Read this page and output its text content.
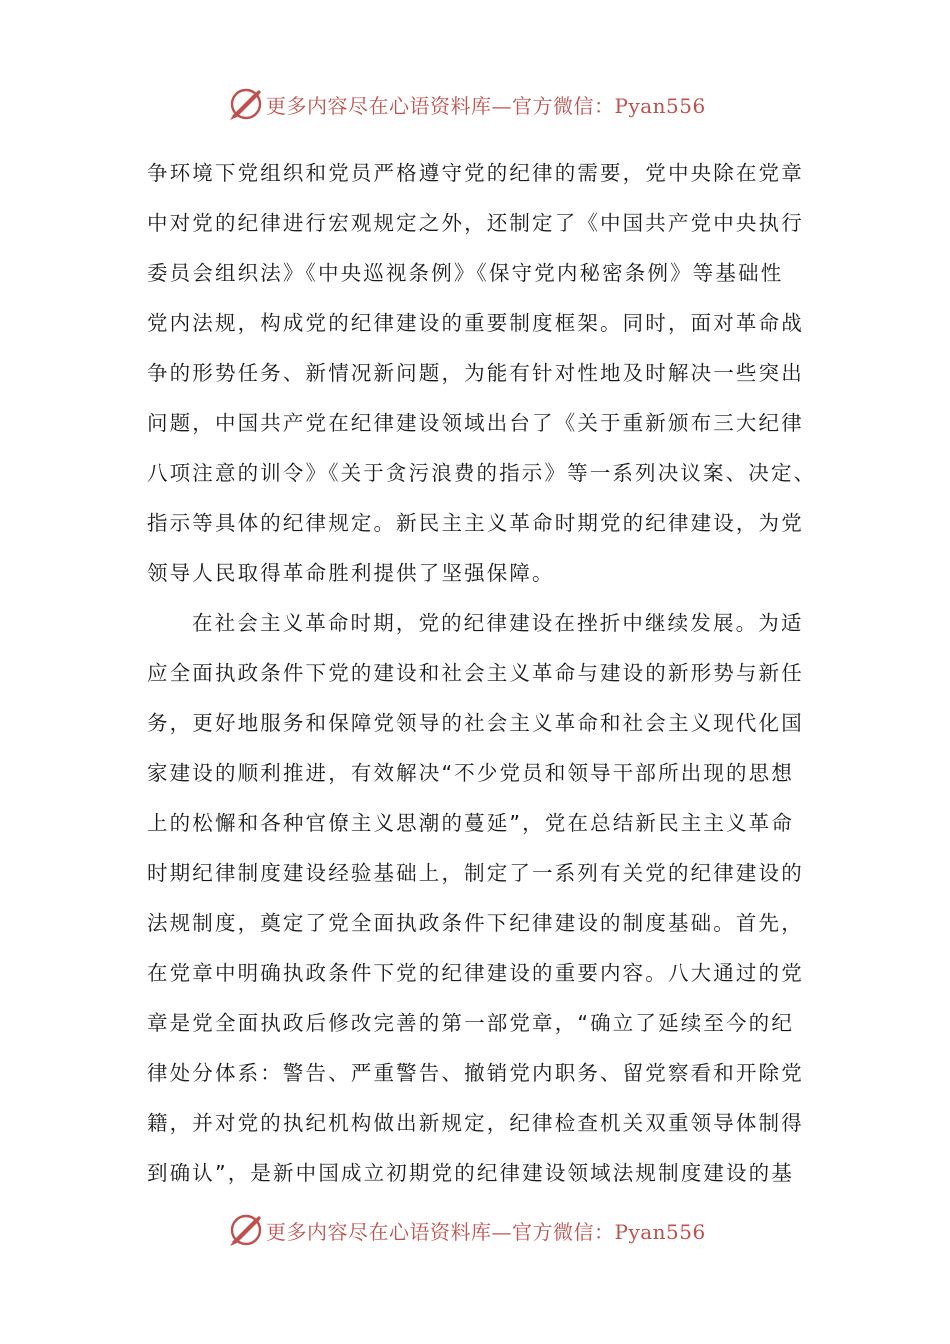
更多内容尽在心语资料库—官方微信：Pyan556
争环境下党组织和党员严格遵守党的纪律的需要，党中央除在党章
中对党的纪律进行宏观规定之外，还制定了《中国共产党中央执行
委员会组织法》《中央巡视条例》《保守党内秘密条例》等基础性
党内法规，构成党的纪律建设的重要制度框架。同时，面对革命战
争的形势任务、新情况新问题，为能有针对性地及时解决一些突出
问题，中国共产党在纪律建设领域出台了《关于重新颁布三大纪律
八项注意的训令》《关于贪污浪费的指示》等一系列决议案、决定、
指示等具体的纪律规定。新民主主义革命时期党的纪律建设，为党
领导人民取得革命胜利提供了坚强保障。
在社会主义革命时期，党的纪律建设在挫折中继续发展。为适
应全面执政条件下党的建设和社会主义革命与建设的新形势与新任
务，更好地服务和保障党领导的社会主义革命和社会主义现代化国
家建设的顺利推进，有效解决“不少党员和领导干部所出现的思想
上的松懈和各种官僚主义思潮的蔓延”，党在总结新民主主义革命
时期纪律制度建设经验基础上，制定了一系列有关党的纪律建设的
法规制度，奠定了党全面执政条件下纪律建设的制度基础。首先，
在党章中明确执政条件下党的纪律建设的重要内容。八大通过的党
章是党全面执政后修改完善的第一部党章，“确立了延续至今的纪
律处分体系：警告、严重警告、撤销党内职务、留党察看和开除党
籍，并对党的执纪机构做出新规定，纪律检查机关双重领导体制得
到确认”，是新中国成立初期党的纪律建设领域法规制度建设的基
更多内容尽在心语资料库—官方微信：Pyan556
